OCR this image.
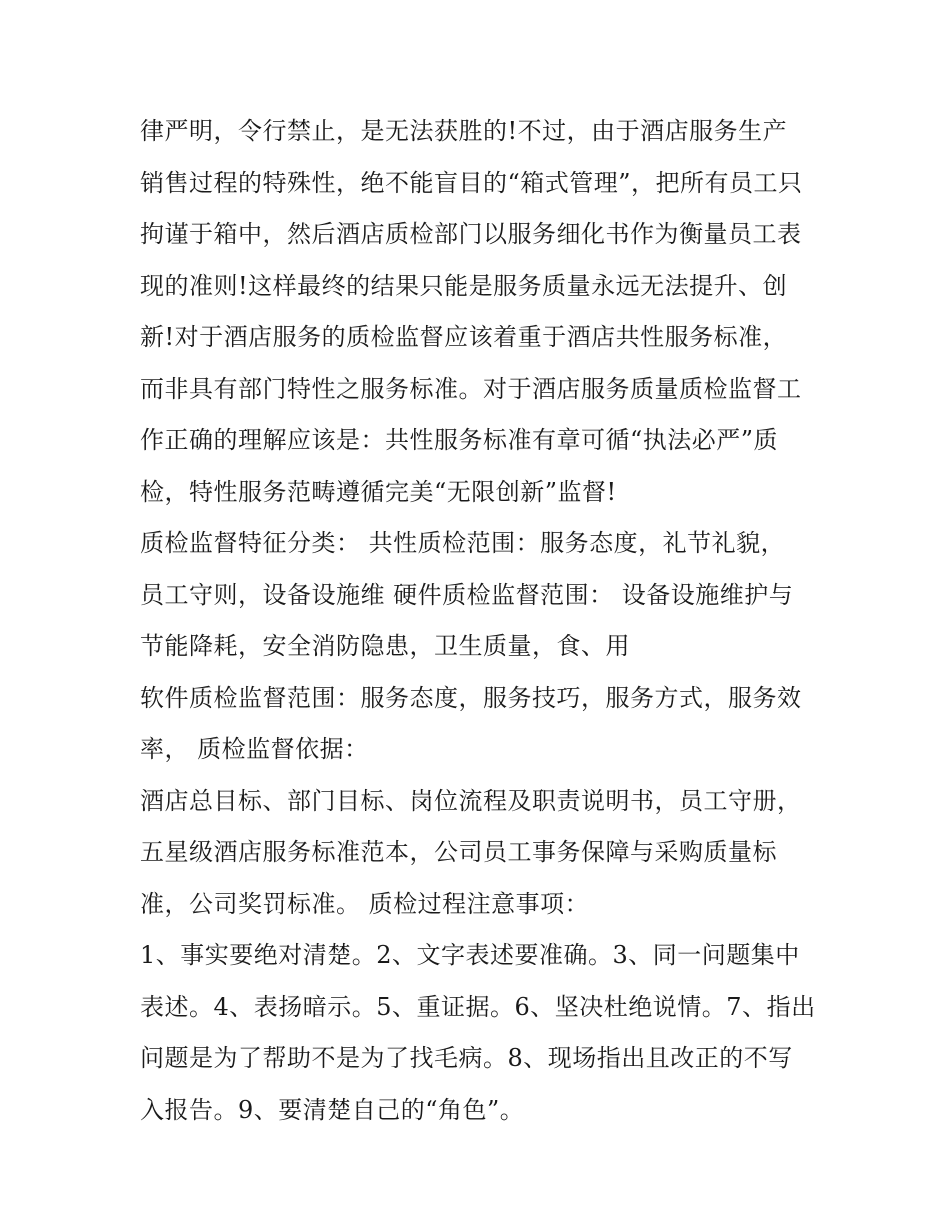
律严明，令行禁止，是无法获胜的!不过，由于酒店服务生产
销售过程的特殊性，绝不能盲目的“箱式管理”，把所有员工只
拘谨于箱中，然后酒店质检部门以服务细化书作为衡量员工表
现的准则!这样最终的结果只能是服务质量永远无法提升、创
新!对于酒店服务的质检监督应该着重于酒店共性服务标准，
而非具有部门特性之服务标准。对于酒店服务质量质检监督工
作正确的理解应该是：共性服务标准有章可循“执法必严”质
检，特性服务范畴遵循完美“无限创新”监督!
质检监督特征分类： 共性质检范围：服务态度，礼节礼貌，
员工守则，设备设施维 硬件质检监督范围： 设备设施维护与
节能降耗，安全消防隐患，卫生质量，食、用
软件质检监督范围：服务态度，服务技巧，服务方式，服务效
率， 质检监督依据：
酒店总目标、部门目标、岗位流程及职责说明书，员工守册，
五星级酒店服务标准范本，公司员工事务保障与采购质量标
准，公司奖罚标准。 质检过程注意事项：
1、事实要绝对清楚。2、文字表述要准确。3、同一问题集中
表述。4、表扬暗示。5、重证据。6、坚决杜绝说情。7、指出
问题是为了帮助不是为了找毛病。8、现场指出且改正的不写
入报告。9、要清楚自己的“角色”。
